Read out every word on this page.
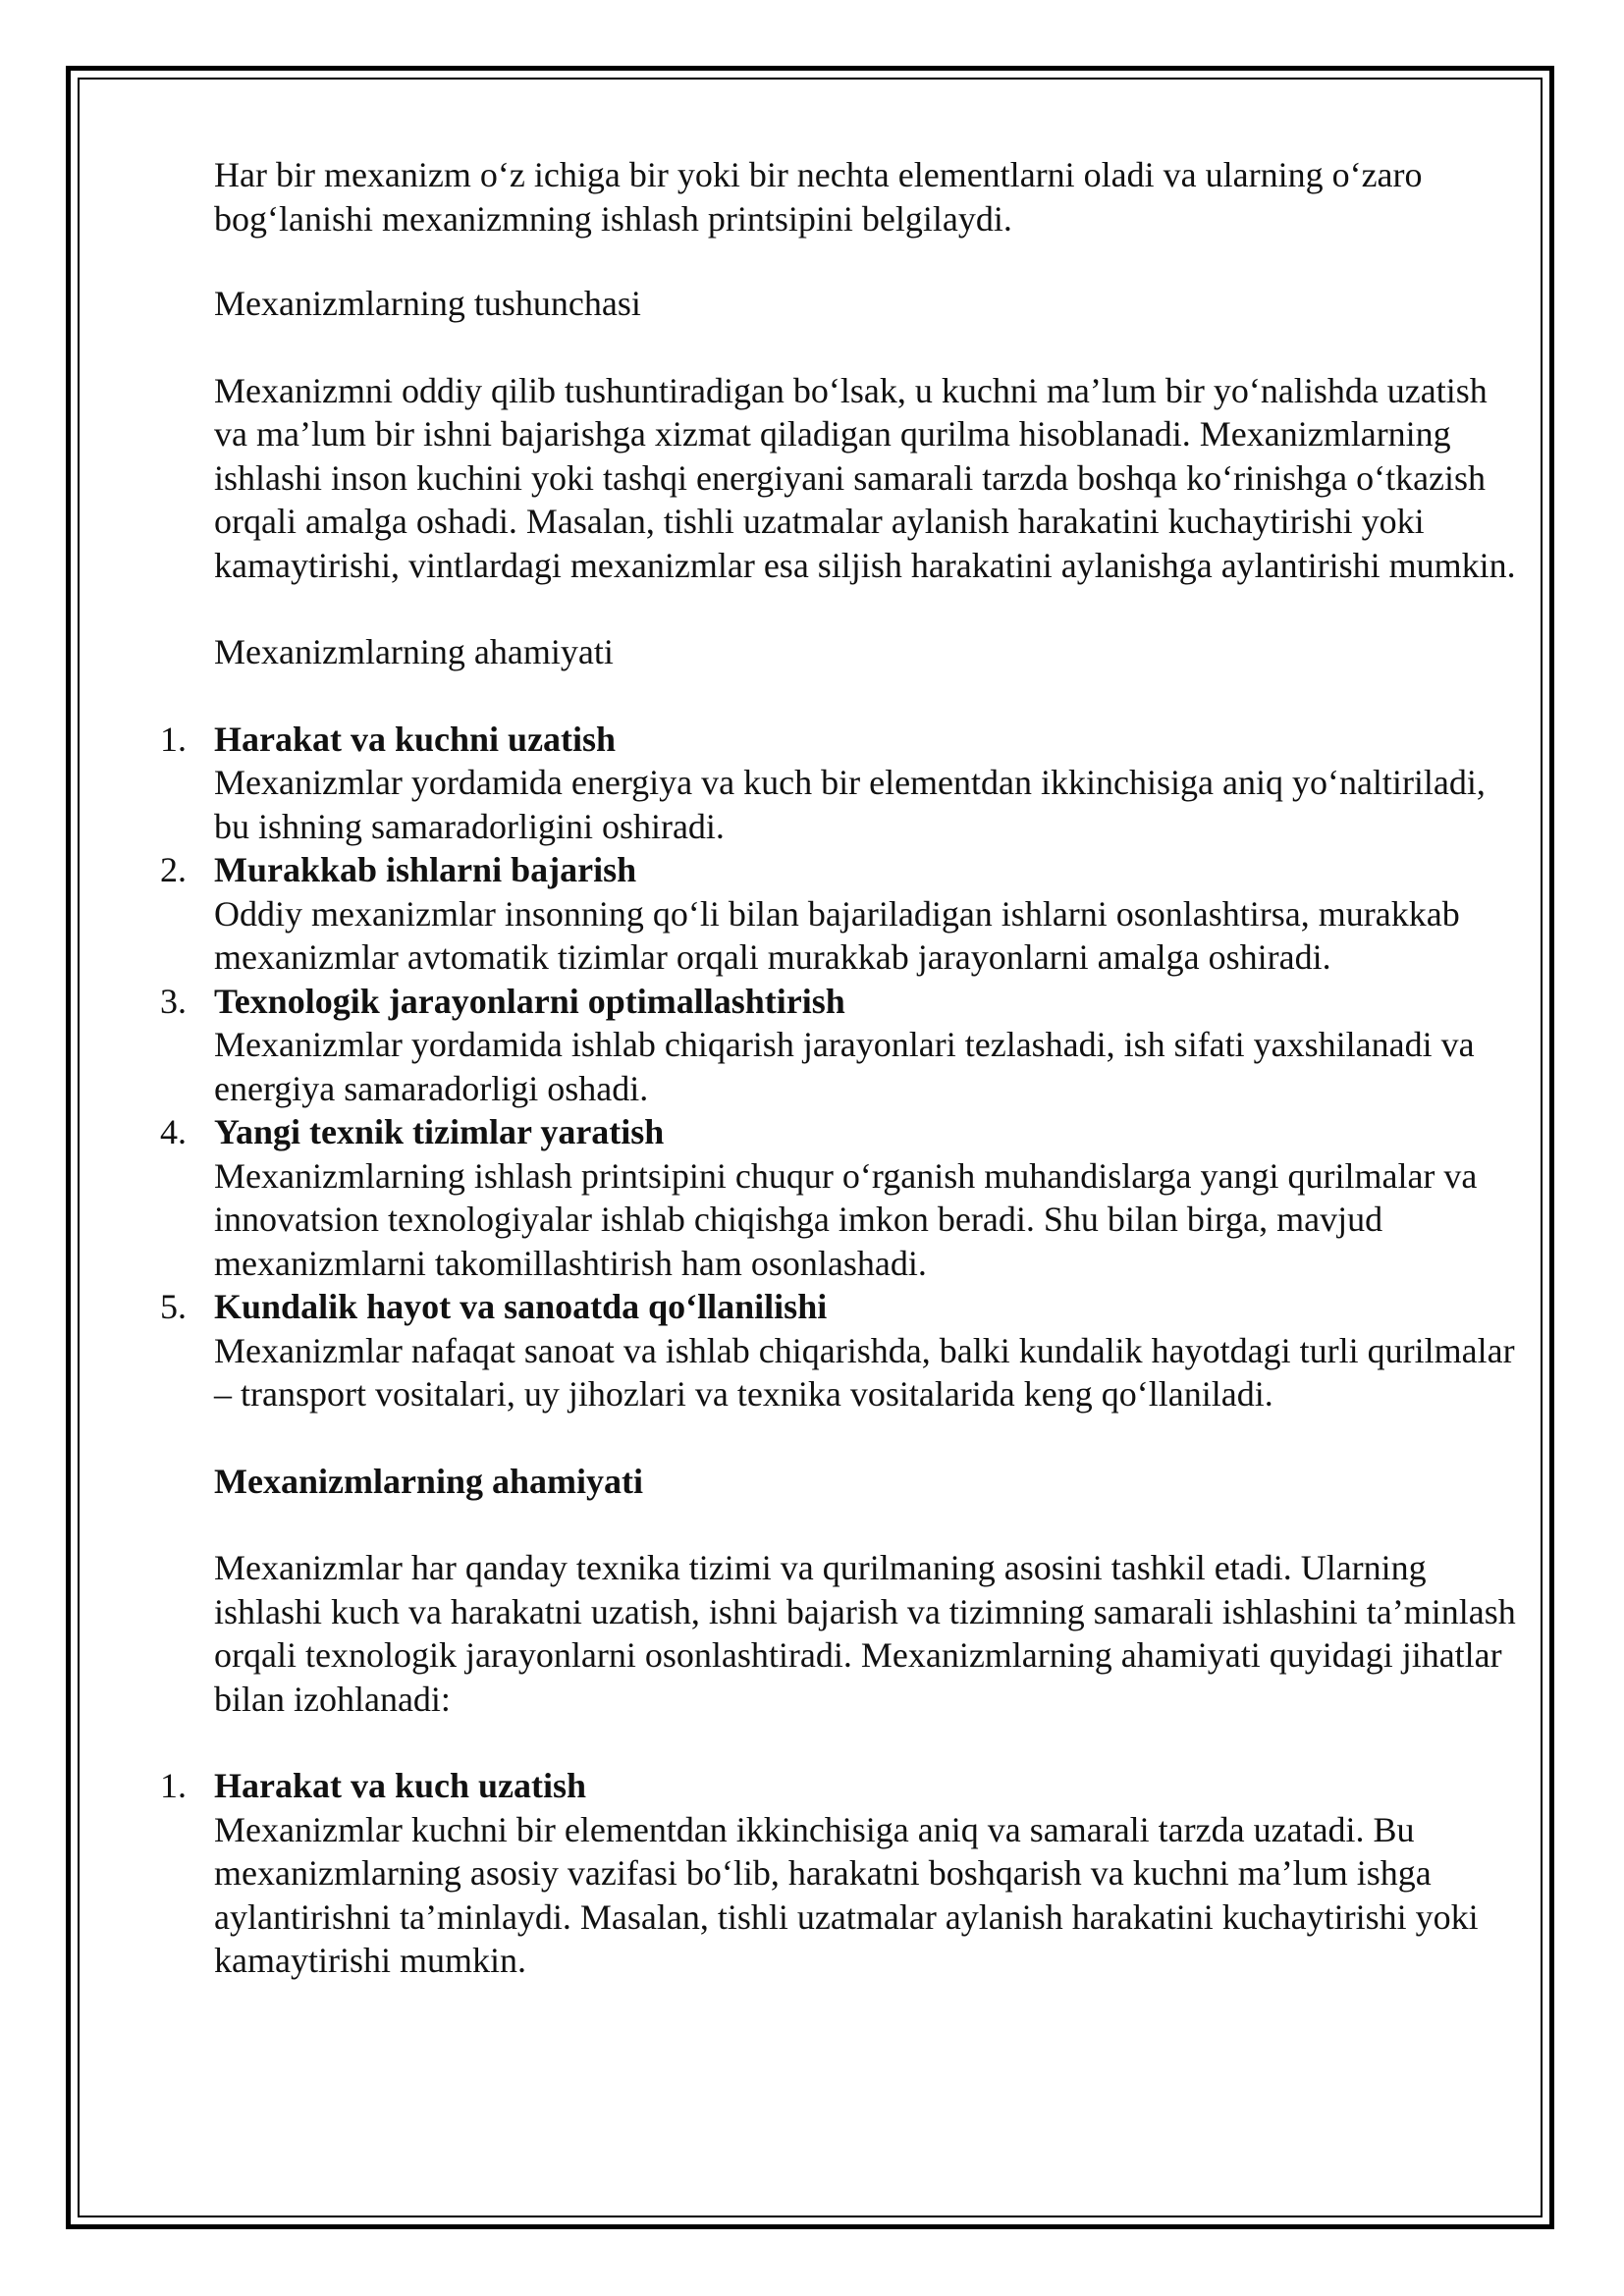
Har bir mexanizm o‘z ichiga bir yoki bir nechta elementlarni oladi va ularning o‘zaro bog‘lanishi mexanizmning ishlash printsipini belgilaydi.

Mexanizmlarning tushunchasi

Mexanizmni oddiy qilib tushuntiradigan bo‘lsak, u kuchni ma’lum bir yo‘nalishda uzatish va ma’lum bir ishni bajarishga xizmat qiladigan qurilma hisoblanadi. Mexanizmlarning ishlashi inson kuchini yoki tashqi energiyani samarali tarzda boshqa ko‘rinishga o‘tkazish orqali amalga oshadi. Masalan, tishli uzatmalar aylanish harakatini kuchaytirishi yoki kamaytirishi, vintlardagi mexanizmlar esa siljish harakatini aylanishga aylantirishi mumkin.

Mexanizmlarning ahamiyati

1. Harakat va kuchni uzatish
Mexanizmlar yordamida energiya va kuch bir elementdan ikkinchisiga aniq yo‘naltiriladi, bu ishning samaradorligini oshiradi.
2. Murakkab ishlarni bajarish
Oddiy mexanizmlar insonning qo‘li bilan bajariladigan ishlarni osonlashtirsa, murakkab mexanizmlar avtomatik tizimlar orqali murakkab jarayonlarni amalga oshiradi.
3. Texnologik jarayonlarni optimallashtirish
Mexanizmlar yordamida ishlab chiqarish jarayonlari tezlashadi, ish sifati yaxshilanadi va energiya samaradorligi oshadi.
4. Yangi texnik tizimlar yaratish
Mexanizmlarning ishlash printsipini chuqur o‘rganish muhandislarga yangi qurilmalar va innovatsion texnologiyalar ishlab chiqishga imkon beradi. Shu bilan birga, mavjud mexanizmlarni takomillashtirish ham osonlashadi.
5. Kundalik hayot va sanoatda qo‘llanilishi
Mexanizmlar nafaqat sanoat va ishlab chiqarishda, balki kundalik hayotdagi turli qurilmalar – transport vositalari, uy jihozlari va texnika vositalarida keng qo‘llaniladi.

Mexanizmlarning ahamiyati

Mexanizmlar har qanday texnika tizimi va qurilmaning asosini tashkil etadi. Ularning ishlashi kuch va harakatni uzatish, ishni bajarish va tizimning samarali ishlashini ta’minlash orqali texnologik jarayonlarni osonlashtiradi. Mexanizmlarning ahamiyati quyidagi jihatlar bilan izohlanadi:

1. Harakat va kuch uzatish
Mexanizmlar kuchni bir elementdan ikkinchisiga aniq va samarali tarzda uzatadi. Bu mexanizmlarning asosiy vazifasi bo‘lib, harakatni boshqarish va kuchni ma’lum ishga aylantirishni ta’minlaydi. Masalan, tishli uzatmalar aylanish harakatini kuchaytirishi yoki kamaytirishi mumkin.
